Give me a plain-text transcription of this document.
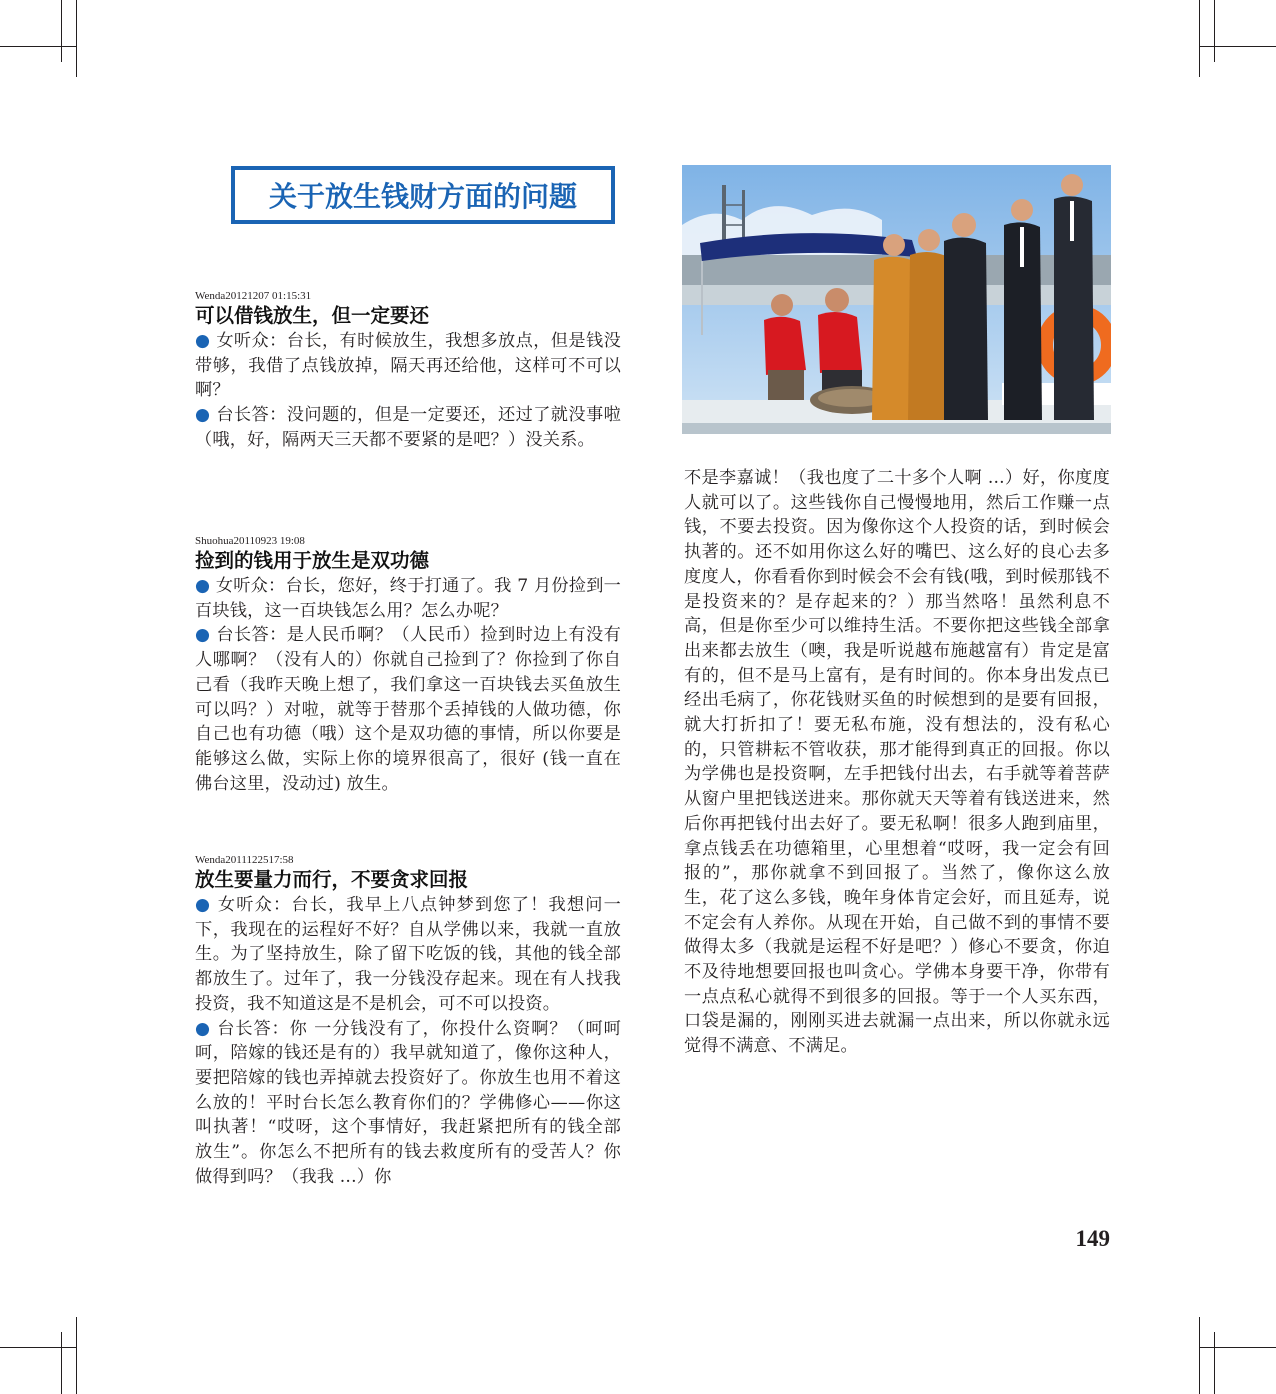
关于放生钱财方面的问题

Wenda20121207 01:15:31

可以借钱放生，但一定要还

● 女听众：台长，有时候放生，我想多放点，但是钱没带够，我借了点钱放掉，隔天再还给他，这样可不可以啊？

● 台长答：没问题的，但是一定要还，还过了就没事啦（哦，好，隔两天三天都不要紧的是吧？）没关系。

Shuohua20110923 19:08

捡到的钱用于放生是双功德

● 女听众：台长，您好，终于打通了。我 7 月份捡到一百块钱，这一百块钱怎么用？怎么办呢？

● 台长答：是人民币啊？（人民币）捡到时边上有没有人哪啊？（没有人的）你就自己捡到了？你捡到了你自己看（我昨天晚上想了，我们拿这一百块钱去买鱼放生可以吗？）对啦，就等于替那个丢掉钱的人做功德，你自己也有功德（哦）这个是双功德的事情，所以你要是能够这么做，实际上你的境界很高了，很好 (钱一直在佛台这里，没动过) 放生。

Wenda2011122517:58

放生要量力而行，不要贪求回报

● 女听众：台长，我早上八点钟梦到您了！我想问一下，我现在的运程好不好？自从学佛以来，我就一直放生。为了坚持放生，除了留下吃饭的钱，其他的钱全部都放生了。过年了，我一分钱没存起来。现在有人找我投资，我不知道这是不是机会，可不可以投资。

● 台长答：你 一分钱没有了，你投什么资啊？（呵呵呵，陪嫁的钱还是有的）我早就知道了，像你这种人，要把陪嫁的钱也弄掉就去投资好了。你放生也用不着这么放的！平时台长怎么教育你们的？学佛修心——你这叫执著！“哎呀，这个事情好，我赶紧把所有的钱全部放生”。你怎么不把所有的钱去救度所有的受苦人？你做得到吗？（我我 ...）你

不是李嘉诚！（我也度了二十多个人啊 ...）好，你度度人就可以了。这些钱你自己慢慢地用，然后工作赚一点钱，不要去投资。因为像你这个人投资的话，到时候会执著的。还不如用你这么好的嘴巴、这么好的良心去多度度人，你看看你到时候会不会有钱(哦，到时候那钱不是投资来的？是存起来的？）那当然咯！虽然利息不高，但是你至少可以维持生活。不要你把这些钱全部拿出来都去放生（噢，我是听说越布施越富有）肯定是富有的，但不是马上富有，是有时间的。你本身出发点已经出毛病了，你花钱财买鱼的时候想到的是要有回报，就大打折扣了！要无私布施，没有想法的，没有私心的，只管耕耘不管收获，那才能得到真正的回报。你以为学佛也是投资啊，左手把钱付出去，右手就等着菩萨从窗户里把钱送进来。那你就天天等着有钱送进来，然后你再把钱付出去好了。要无私啊！很多人跑到庙里，拿点钱丢在功德箱里，心里想着“哎呀，我一定会有回报的”，那你就拿不到回报了。当然了，像你这么放生，花了这么多钱，晚年身体肯定会好，而且延寿，说不定会有人养你。从现在开始，自己做不到的事情不要做得太多（我就是运程不好是吧？）修心不要贪，你迫不及待地想要回报也叫贪心。学佛本身要干净，你带有一点点私心就得不到很多的回报。等于一个人买东西，口袋是漏的，刚刚买进去就漏一点出来，所以你就永远觉得不满意、不满足。

149
